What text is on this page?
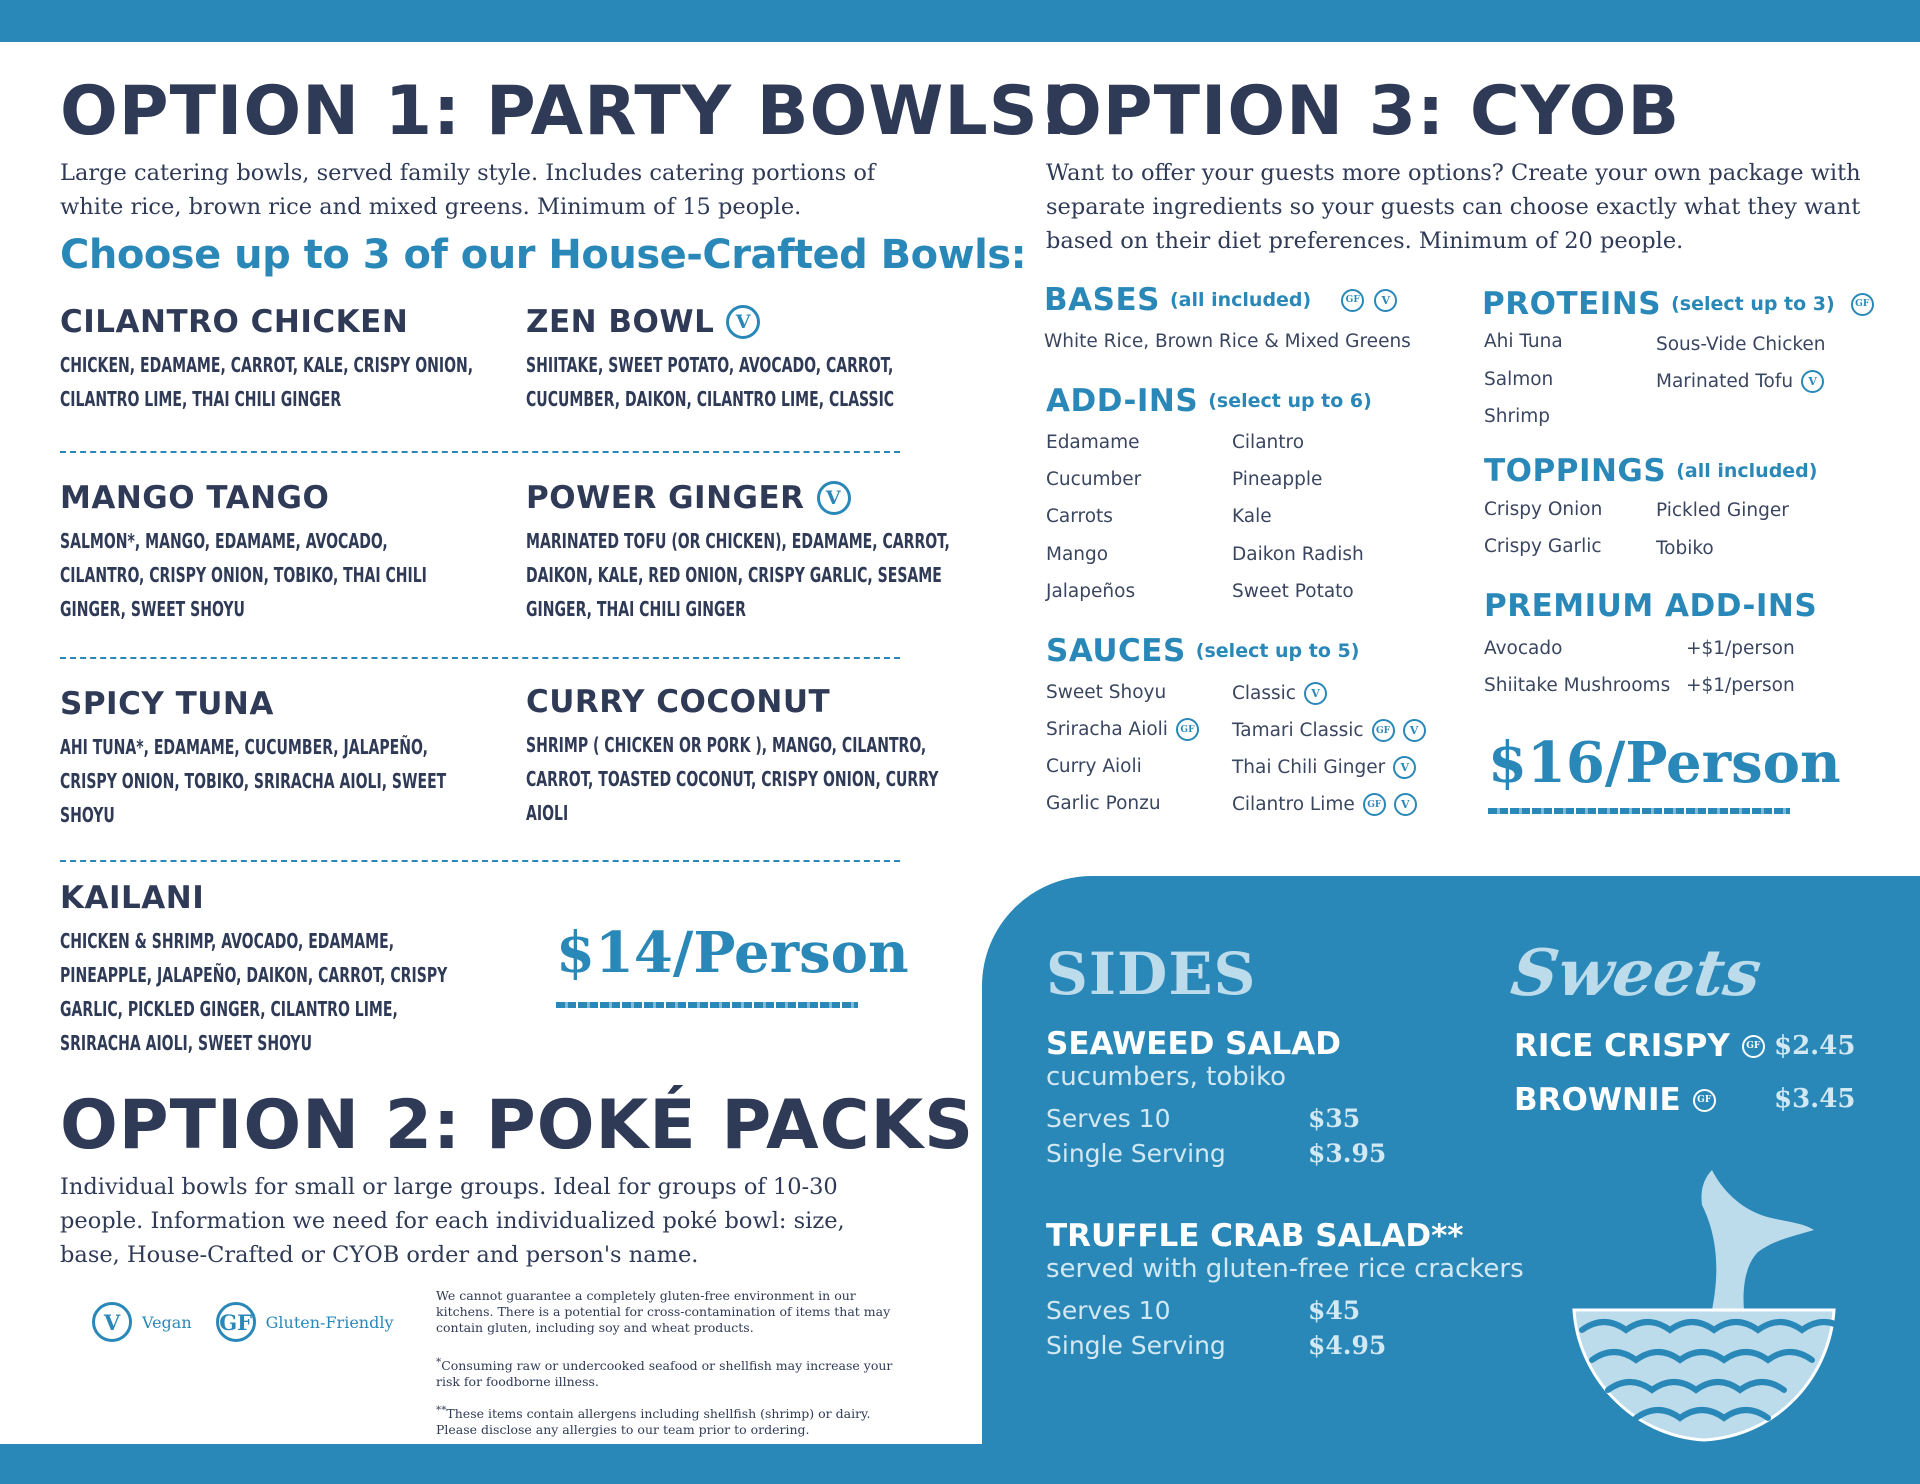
OPTION 1: PARTY BOWLS!
Large catering bowls, served family style. Includes catering portions of white rice, brown rice and mixed greens. Minimum of 15 people.
Choose up to 3 of our House-Crafted Bowls:
CILANTRO CHICKEN
CHICKEN, EDAMAME, CARROT, KALE, CRISPY ONION, CILANTRO LIME, THAI CHILI GINGER
ZEN BOWL	V
SHIITAKE, SWEET POTATO, AVOCADO, CARROT, CUCUMBER, DAIKON, CILANTRO LIME, CLASSIC
MANGO TANGO
SALMON*, MANGO, EDAMAME, AVOCADO, CILANTRO, CRISPY ONION, TOBIKO, THAI CHILI GINGER, SWEET SHOYU
POWER GINGER	V
MARINATED TOFU (OR CHICKEN), EDAMAME, CARROT, DAIKON, KALE, RED ONION, CRISPY GARLIC, SESAME GINGER, THAI CHILI GINGER
SPICY TUNA
AHI TUNA*, EDAMAME, CUCUMBER, JALAPEÑO, CRISPY ONION, TOBIKO, SRIRACHA AIOLI, SWEET SHOYU
CURRY COCONUT
SHRIMP ( CHICKEN OR PORK ), MANGO, CILANTRO, CARROT, TOASTED COCONUT, CRISPY ONION, CURRY AIOLI
KAILANI
CHICKEN & SHRIMP, AVOCADO, EDAMAME, PINEAPPLE, JALAPEÑO, DAIKON, CARROT, CRISPY GARLIC, PICKLED GINGER, CILANTRO LIME, SRIRACHA AIOLI, SWEET SHOYU
$14/Person
OPTION 2: POKÉ PACKS
Individual bowls for small or large groups. Ideal for groups of 10-30 people. Information we need for each individualized poké bowl: size, base, House-Crafted or CYOB order and person's name.
V	Vegan GF Gluten-Friendly
We cannot guarantee a completely gluten-free environment in our kitchens. There is a potential for cross-contamination of items that may contain gluten, including soy and wheat products.
*Consuming raw or undercooked seafood or shellfish may increase your risk for foodborne illness.
**These items contain allergens including shellfish (shrimp) or dairy. Please disclose any allergies to our team prior to ordering.
OPTION 3: CYOB
Want to offer your guests more options? Create your own package with separate ingredients so your guests can choose exactly what they want based on their diet preferences. Minimum of 20 people.
BASES (all included)	GF	V
White Rice, Brown Rice & Mixed Greens
ADD-INS (select up to 6)
Edamame
Cucumber
Carrots
Mango
Jalapeños
Cilantro
Pineapple
Kale
Daikon Radish
Sweet Potato
SAUCES (select up to 5)
Sweet Shoyu
Sriracha Aioli	GF
Curry Aioli
Garlic Ponzu
Classic	V
Tamari Classic	GF	V
Thai Chili Ginger	V
Cilantro Lime	GF	V
PROTEINS (select up to 3)	GF
Ahi Tuna
Salmon
Shrimp
Sous-Vide Chicken
Marinated Tofu	V
TOPPINGS (all included)
Crispy Onion
Crispy Garlic
Pickled Ginger
Tobiko
PREMIUM ADD-INS
Avocado	+$1/person
Shiitake Mushrooms +$1/person
$16/Person
SIDES
SEAWEED SALAD
cucumbers, tobiko
Serves 10	$35
Single Serving	$3.95
TRUFFLE CRAB SALAD**
served with gluten-free rice crackers
Serves 10	$45
Single Serving	$4.95
Sweets
RICE CRISPY	GF $2.45
BROWNIE	GF $3.45
